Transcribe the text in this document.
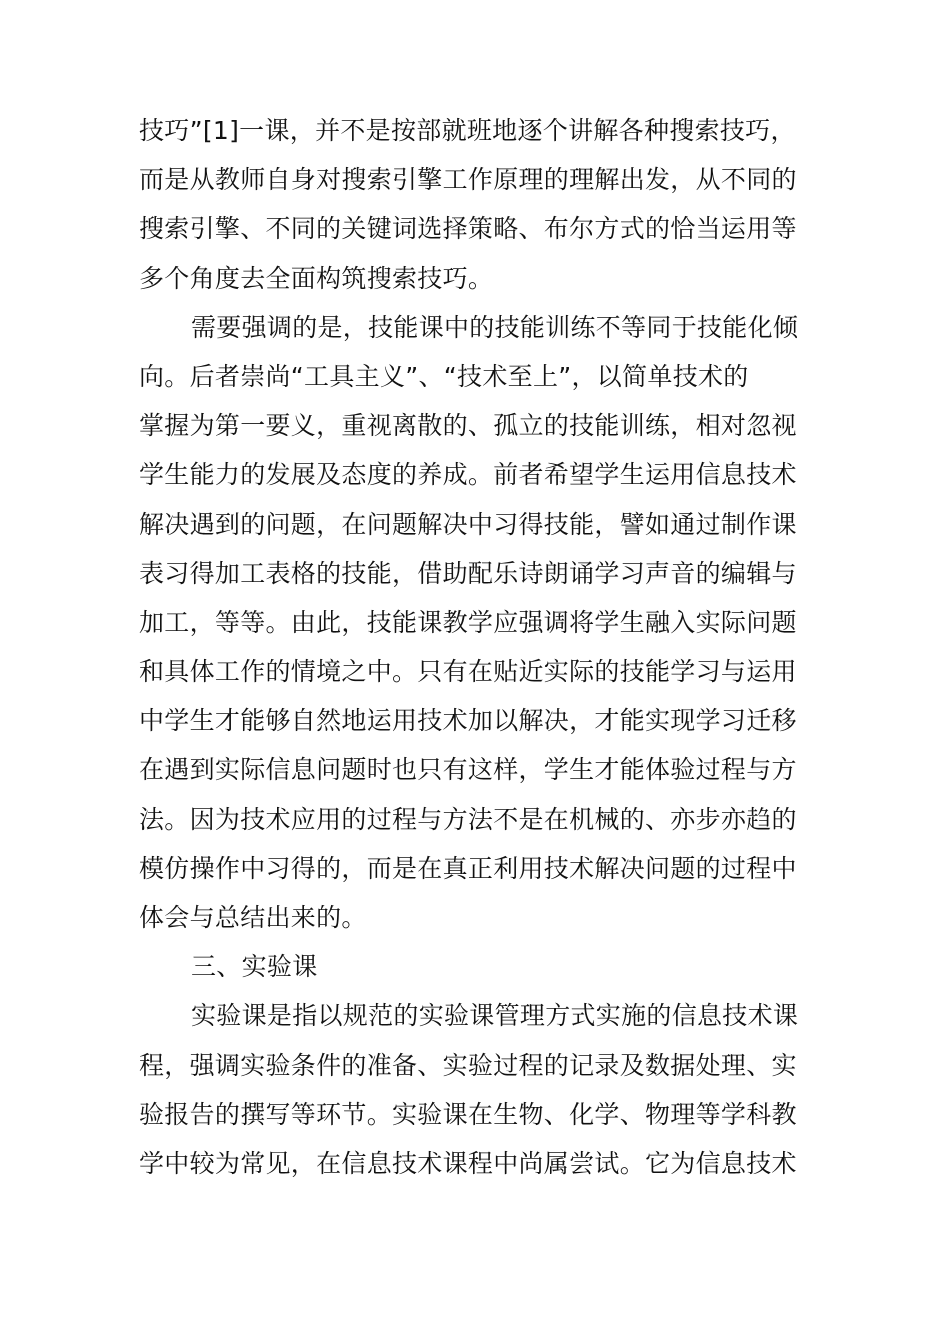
技巧”[1]一课，并不是按部就班地逐个讲解各种搜索技巧，
而是从教师自身对搜索引擎工作原理的理解出发，从不同的
搜索引擎、不同的关键词选择策略、布尔方式的恰当运用等
多个角度去全面构筑搜索技巧。
需要强调的是，技能课中的技能训练不等同于技能化倾
向。后者崇尚“工具主义”、“技术至上”，以简单技术的
掌握为第一要义，重视离散的、孤立的技能训练，相对忽视
学生能力的发展及态度的养成。前者希望学生运用信息技术
解决遇到的问题，在问题解决中习得技能，譬如通过制作课
表习得加工表格的技能，借助配乐诗朗诵学习声音的编辑与
加工，等等。由此，技能课教学应强调将学生融入实际问题
和具体工作的情境之中。只有在贴近实际的技能学习与运用
中学生才能够自然地运用技术加以解决，才能实现学习迁移
在遇到实际信息问题时也只有这样，学生才能体验过程与方
法。因为技术应用的过程与方法不是在机械的、亦步亦趋的
模仿操作中习得的，而是在真正利用技术解决问题的过程中
体会与总结出来的。
三、实验课
实验课是指以规范的实验课管理方式实施的信息技术课
程，强调实验条件的准备、实验过程的记录及数据处理、实
验报告的撰写等环节。实验课在生物、化学、物理等学科教
学中较为常见，在信息技术课程中尚属尝试。它为信息技术
